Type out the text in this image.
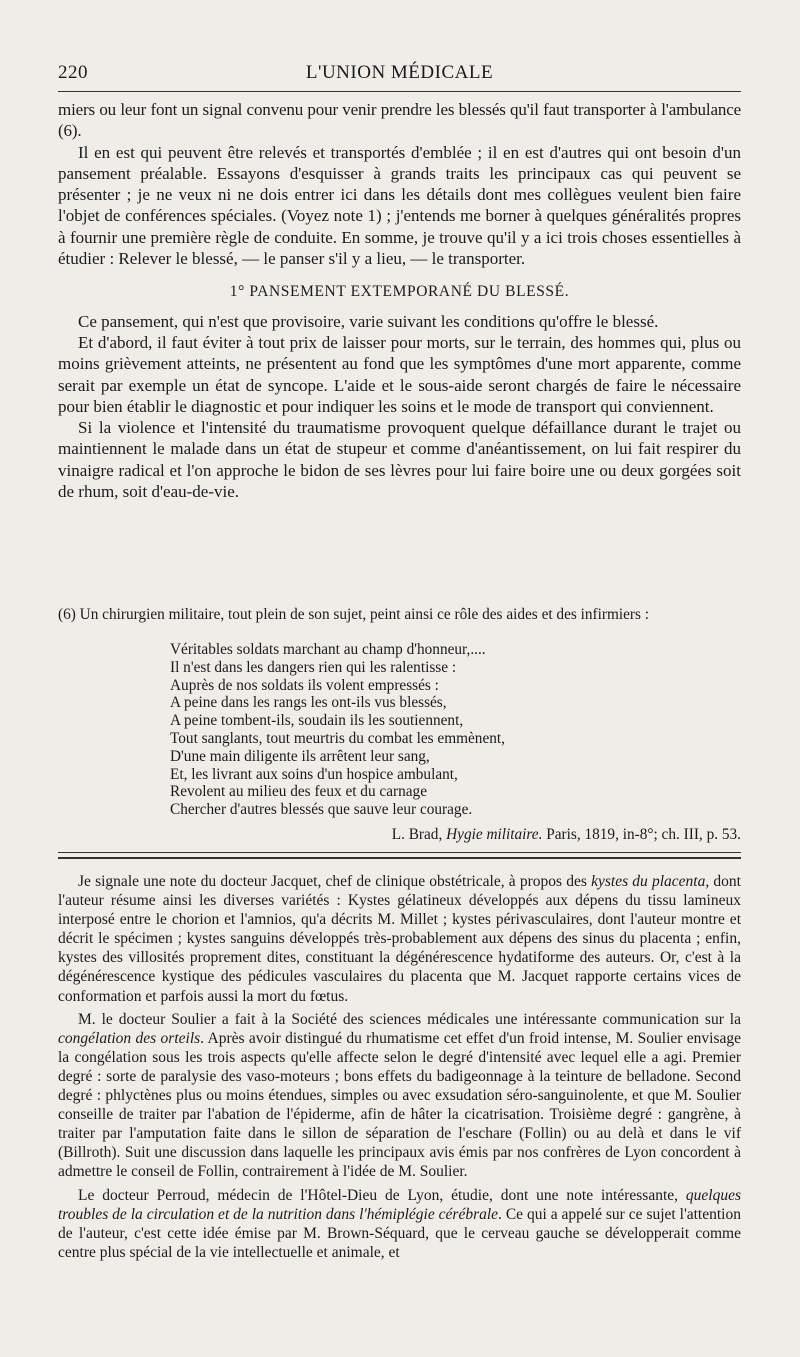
220	L'UNION MÉDICALE

miers ou leur font un signal convenu pour venir prendre les blessés qu'il faut transporter à l'ambulance (6).

Il en est qui peuvent être relevés et transportés d'emblée ; il en est d'autres qui ont besoin d'un pansement préalable. Essayons d'esquisser à grands traits les principaux cas qui peuvent se présenter ; je ne veux ni ne dois entrer ici dans les détails dont mes collègues veulent bien faire l'objet de conférences spéciales. (Voyez note 1) ; j'entends me borner à quelques généralités propres à fournir une première règle de conduite. En somme, je trouve qu'il y a ici trois choses essentielles à étudier : Relever le blessé, — le panser s'il y a lieu, — le transporter.

1° PANSEMENT EXTEMPORANÉ DU BLESSÉ.

Ce pansement, qui n'est que provisoire, varie suivant les conditions qu'offre le blessé.

Et d'abord, il faut éviter à tout prix de laisser pour morts, sur le terrain, des hommes qui, plus ou moins grièvement atteints, ne présentent au fond que les symptômes d'une mort apparente, comme serait par exemple un état de syncope. L'aide et le sous-aide seront chargés de faire le nécessaire pour bien établir le diagnostic et pour indiquer les soins et le mode de transport qui conviennent.

Si la violence et l'intensité du traumatisme provoquent quelque défaillance durant le trajet ou maintiennent le malade dans un état de stupeur et comme d'anéantissement, on lui fait respirer du vinaigre radical et l'on approche le bidon de ses lèvres pour lui faire boire une ou deux gorgées soit de rhum, soit d'eau-de-vie.

(6) Un chirurgien militaire, tout plein de son sujet, peint ainsi ce rôle des aides et des infirmiers :

Véritables soldats marchant au champ d'honneur,....
Il n'est dans les dangers rien qui les ralentisse :
Auprès de nos soldats ils volent empressés :
A peine dans les rangs les ont-ils vus blessés,
A peine tombent-ils, soudain ils les soutiennent,
Tout sanglants, tout meurtris du combat les emmènent,
D'une main diligente ils arrêtent leur sang,
Et, les livrant aux soins d'un hospice ambulant,
Revolent au milieu des feux et du carnage
Chercher d'autres blessés que sauve leur courage.
L. Brad, Hygie militaire. Paris, 1819, in-8°; ch. III, p. 53.

Je signale une note du docteur Jacquet, chef de clinique obstétricale, à propos des kystes du placenta, dont l'auteur résume ainsi les diverses variétés : Kystes gélatineux développés aux dépens du tissu lamineux interposé entre le chorion et l'amnios, qu'a décrits M. Millet ; kystes périvasculaires, dont l'auteur montre et décrit le spécimen ; kystes sanguins développés très-probablement aux dépens des sinus du placenta ; enfin, kystes des villosités proprement dites, constituant la dégénérescence hydatiforme des auteurs. Or, c'est à la dégénérescence kystique des pédicules vasculaires du placenta que M. Jacquet rapporte certains vices de conformation et parfois aussi la mort du fœtus.

M. le docteur Soulier a fait à la Société des sciences médicales une intéressante communication sur la congélation des orteils. Après avoir distingué du rhumatisme cet effet d'un froid intense, M. Soulier envisage la congélation sous les trois aspects qu'elle affecte selon le degré d'intensité avec lequel elle a agi. Premier degré : sorte de paralysie des vaso-moteurs ; bons effets du badigeonnage à la teinture de belladone. Second degré : phlyctènes plus ou moins étendues, simples ou avec exsudation séro-sanguinolente, et que M. Soulier conseille de traiter par l'abation de l'épiderme, afin de hâter la cicatrisation. Troisième degré : gangrène, à traiter par l'amputation faite dans le sillon de séparation de l'eschare (Follin) ou au delà et dans le vif (Billroth). Suit une discussion dans laquelle les principaux avis émis par nos confrères de Lyon concordent à admettre le conseil de Follin, contrairement à l'idée de M. Soulier.

Le docteur Perroud, médecin de l'Hôtel-Dieu de Lyon, étudie, dont une note intéressante, quelques troubles de la circulation et de la nutrition dans l'hémiplégie cérébrale. Ce qui a appelé sur ce sujet l'attention de l'auteur, c'est cette idée émise par M. Brown-Séquard, que le cerveau gauche se développerait comme centre plus spécial de la vie intellectuelle et animale, et
